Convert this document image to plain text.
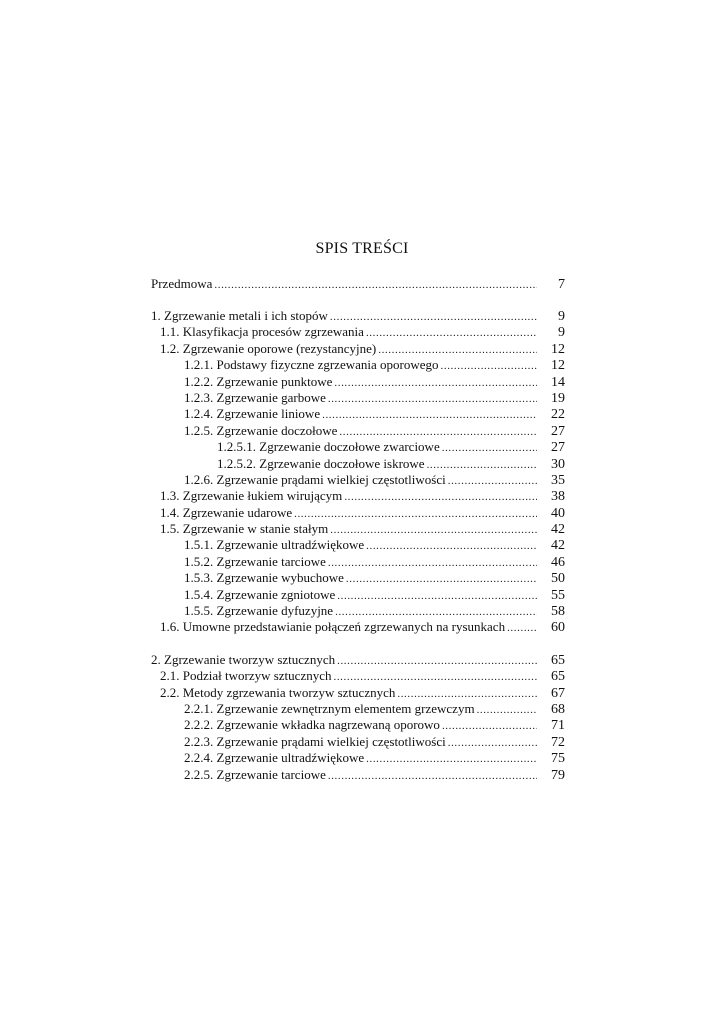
SPIS TREŚCI
Przedmowa .....	7
1. Zgrzewanie metali i ich stopów .....	9
1.1. Klasyfikacja procesów zgrzewania .....	9
1.2. Zgrzewanie oporowe (rezystancyjne) .....	12
1.2.1. Podstawy fizyczne zgrzewania oporowego .....	12
1.2.2. Zgrzewanie punktowe .....	14
1.2.3. Zgrzewanie garbowe .....	19
1.2.4. Zgrzewanie liniowe .....	22
1.2.5. Zgrzewanie doczołowe .....	27
1.2.5.1. Zgrzewanie doczołowe zwarciowe .....	27
1.2.5.2. Zgrzewanie doczołowe iskrowe .....	30
1.2.6. Zgrzewanie prądami wielkiej częstotliwości .....	35
1.3. Zgrzewanie łukiem wirującym .....	38
1.4. Zgrzewanie udarowe .....	40
1.5. Zgrzewanie w stanie stałym .....	42
1.5.1. Zgrzewanie ultradźwiękowe .....	42
1.5.2. Zgrzewanie tarciowe .....	46
1.5.3. Zgrzewanie wybuchowe .....	50
1.5.4. Zgrzewanie zgniotowe .....	55
1.5.5. Zgrzewanie dyfuzyjne .....	58
1.6. Umowne przedstawianie połączeń zgrzewanych na rysunkach .....	60
2. Zgrzewanie tworzyw sztucznych .....	65
2.1. Podział tworzyw sztucznych .....	65
2.2. Metody zgrzewania tworzyw sztucznych .....	67
2.2.1. Zgrzewanie zewnętrznym elementem grzewczym .....	68
2.2.2. Zgrzewanie wkładka nagrzewaną oporowo .....	71
2.2.3. Zgrzewanie prądami wielkiej częstotliwości .....	72
2.2.4. Zgrzewanie ultradźwiękowe .....	75
2.2.5. Zgrzewanie tarciowe .....	79
